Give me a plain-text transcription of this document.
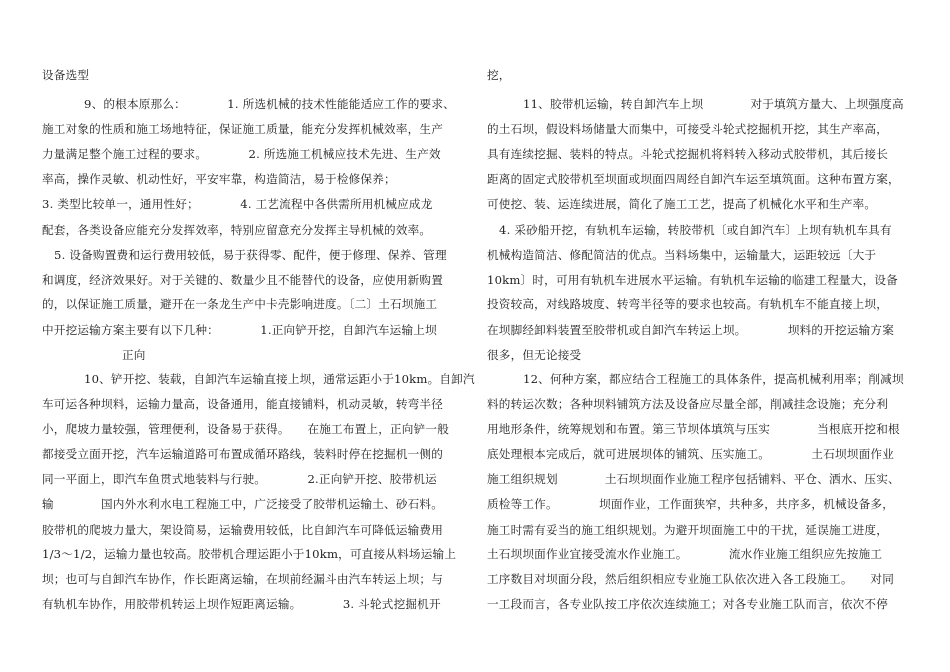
设备选型
9、的根本原那么：　　　　1. 所选机械的技术性能能适应工作的要求、
施工对象的性质和施工场地特征，保证施工质量，能充分发挥机械效率，生产
力量满足整个施工过程的要求。　　　　2. 所选施工机械应技术先进、生产效
率高，操作灵敏、机动性好，平安牢靠，构造简洁，易于检修保养；
3. 类型比较单一，通用性好；　　　　4. 工艺流程中各供需所用机械应成龙
配套，各类设备应能充分发挥效率，特别应留意充分发挥主导机械的效率。
5. 设备购置费和运行费用较低，易于获得零、配件，便于修理、保养、管理
和调度，经济效果好。对于关键的、数量少且不能替代的设备，应使用新购置
的，以保证施工质量，避开在一条龙生产中卡壳影响进度。〔二〕土石坝施工
中开挖运输方案主要有以下几种：　　　　1.正向铲开挖，自卸汽车运输上坝
正向
10、铲开挖、装载，自卸汽车运输直接上坝，通常运距小于10km。自卸汽
车可运各种坝料，运输力量高，设备通用，能直接铺料，机动灵敏，转弯半径
小，爬坡力量较强，管理便利，设备易于获得。　　在施工布置上，正向铲一般
都接受立面开挖，汽车运输道路可布置成循环路线，装料时停在挖掘机一侧的
同一平面上，即汽车鱼贯式地装料与行驶。　　　　2.正向铲开挖、胶带机运
输　　　　国内外水利水电工程施工中，广泛接受了胶带机运输土、砂石料。
胶带机的爬坡力量大，架设简易，运输费用较低，比自卸汽车可降低运输费用
1/3～1/2，运输力量也较高。胶带机合理运距小于10km，可直接从料场运输上
坝；也可与自卸汽车协作，作长距离运输，在坝前经漏斗由汽车转运上坝；与
有轨机车协作，用胶带机转运上坝作短距离运输。　　　　3. 斗轮式挖掘机开
挖，
11、胶带机运输，转自卸汽车上坝　　　　对于填筑方量大、上坝强度高
的土石坝，假设料场储量大而集中，可接受斗轮式挖掘机开挖，其生产率高，
具有连续挖掘、装料的特点。斗轮式挖掘机将料转入移动式胶带机，其后接长
距离的固定式胶带机至坝面或坝面四周经自卸汽车运至填筑面。这种布置方案，
可使挖、装、运连续进展，简化了施工工艺，提高了机械化水平和生产率。
4. 采砂船开挖，有轨机车运输，转胶带机〔或自卸汽车〕上坝有轨机车具有
机械构造简洁、修配简洁的优点。当料场集中，运输量大，运距较远〔大于
10km〕时，可用有轨机车进展水平运输。有轨机车运输的临建工程量大，设备
投资较高，对线路坡度、转弯半径等的要求也较高。有轨机车不能直接上坝，
在坝脚经卸料装置至胶带机或自卸汽车转运上坝。　　　　坝料的开挖运输方案
很多，但无论接受
12、何种方案，都应结合工程施工的具体条件，提高机械利用率；削减坝
料的转运次数；各种坝料铺筑方法及设备应尽量全部，削减挂念设施；充分利
用地形条件，统筹规划和布置。第三节坝体填筑与压实　　　　当根底开挖和根
底处理根本完成后，就可进展坝体的铺筑、压实施工。　　　　土石坝坝面作业
施工组织规划　　　　土石坝坝面作业施工程序包括铺料、平仓、洒水、压实、
质检等工作。　　　　坝面作业，工作面狭窄，共种多，共序多，机械设备多，
施工时需有妥当的施工组织规划。为避开坝面施工中的干扰，延误施工进度，
土石坝坝面作业宜接受流水作业施工。　　　　流水作业施工组织应先按施工
工序数目对坝面分段，然后组织相应专业施工队依次进入各工段施工。　　对同
一工段而言，各专业队按工序依次连续施工；对各专业施工队而言，依次不停
